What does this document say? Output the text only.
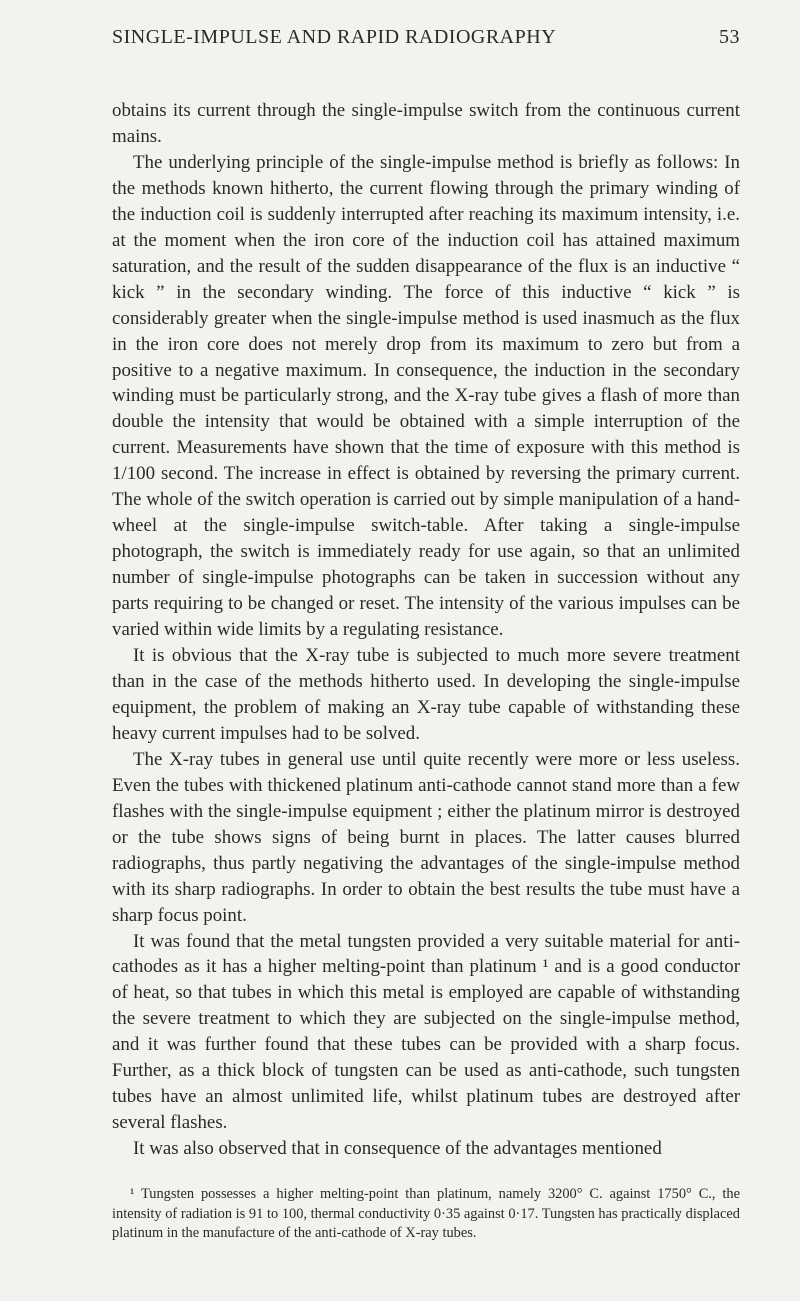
SINGLE-IMPULSE AND RAPID RADIOGRAPHY	53

obtains its current through the single-impulse switch from the continuous current mains.

The underlying principle of the single-impulse method is briefly as follows: In the methods known hitherto, the current flowing through the primary winding of the induction coil is suddenly interrupted after reaching its maximum intensity, i.e. at the moment when the iron core of the induction coil has attained maximum saturation, and the result of the sudden disappearance of the flux is an inductive “ kick ” in the secondary winding. The force of this inductive “ kick ” is considerably greater when the single-impulse method is used inasmuch as the flux in the iron core does not merely drop from its maximum to zero but from a positive to a negative maximum. In consequence, the induction in the secondary winding must be particularly strong, and the X-ray tube gives a flash of more than double the intensity that would be obtained with a simple interruption of the current. Measurements have shown that the time of exposure with this method is 1/100 second. The increase in effect is obtained by reversing the primary current. The whole of the switch operation is carried out by simple manipulation of a hand-wheel at the single-impulse switch-table. After taking a single-impulse photograph, the switch is immediately ready for use again, so that an unlimited number of single-impulse photographs can be taken in succession without any parts requiring to be changed or reset. The intensity of the various impulses can be varied within wide limits by a regulating resistance.

It is obvious that the X-ray tube is subjected to much more severe treatment than in the case of the methods hitherto used. In developing the single-impulse equipment, the problem of making an X-ray tube capable of withstanding these heavy current impulses had to be solved.

The X-ray tubes in general use until quite recently were more or less useless. Even the tubes with thickened platinum anti-cathode cannot stand more than a few flashes with the single-impulse equipment ; either the platinum mirror is destroyed or the tube shows signs of being burnt in places. The latter causes blurred radiographs, thus partly negativing the advantages of the single-impulse method with its sharp radiographs. In order to obtain the best results the tube must have a sharp focus point.

It was found that the metal tungsten provided a very suitable material for anti-cathodes as it has a higher melting-point than platinum ¹ and is a good conductor of heat, so that tubes in which this metal is employed are capable of withstanding the severe treatment to which they are subjected on the single-impulse method, and it was further found that these tubes can be provided with a sharp focus. Further, as a thick block of tungsten can be used as anti-cathode, such tungsten tubes have an almost unlimited life, whilst platinum tubes are destroyed after several flashes.

It was also observed that in consequence of the advantages mentioned

¹ Tungsten possesses a higher melting-point than platinum, namely 3200° C. against 1750° C., the intensity of radiation is 91 to 100, thermal conductivity 0·35 against 0·17. Tungsten has practically displaced platinum in the manufacture of the anti-cathode of X-ray tubes.
